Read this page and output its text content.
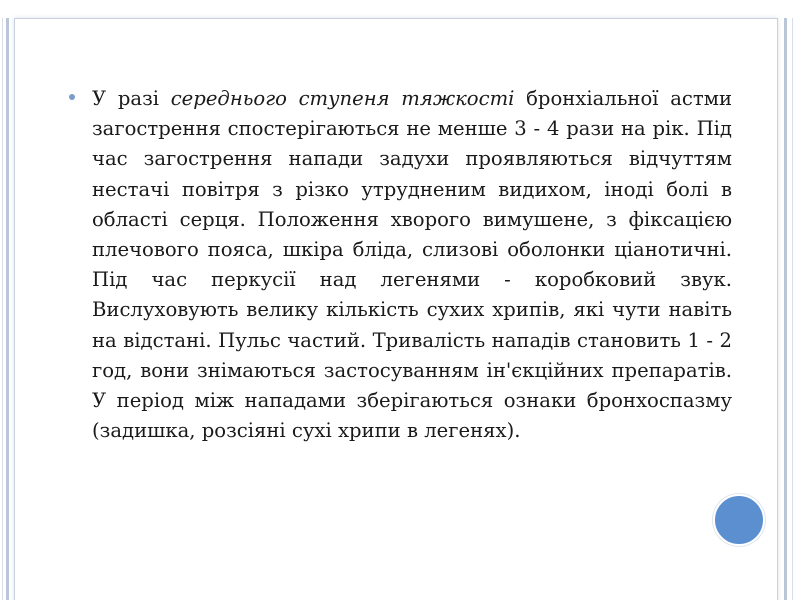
У разі середнього ступеня тяжкості бронхіальної астми загострення спостерігаються не менше 3 - 4 рази на рік. Під час загострення напади задухи проявляються відчуттям нестачі повітря з різко утрудненим видихом, іноді болі в області серця. Положення хворого вимушене, з фіксацією плечового пояса, шкіра бліда, слизові оболонки ціанотичні. Під час перкусії над легенями - коробковий звук. Вислуховують велику кількість сухих хрипів, які чути навіть на відстані. Пульс частий. Тривалість нападів становить 1 - 2 год, вони знімаються застосуванням ін'єкційних препаратів. У період між нападами зберігаються ознаки бронхоспазму (задишка, розсіяні сухі хрипи в легенях).
